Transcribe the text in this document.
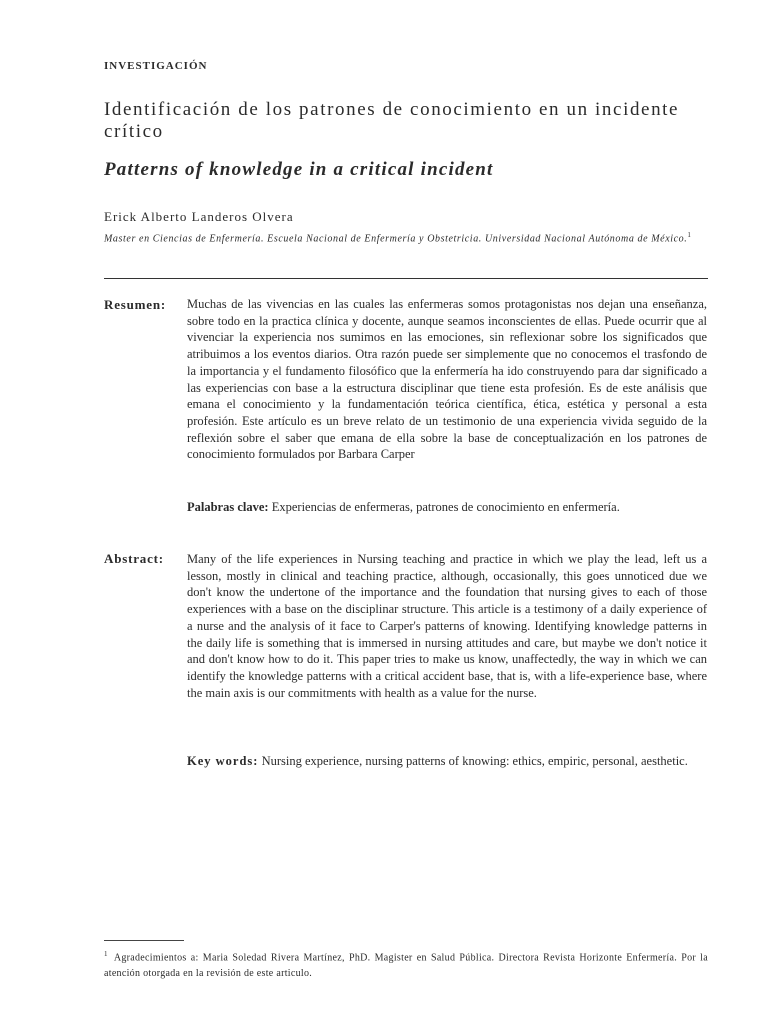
INVESTIGACIÓN
Identificación de los patrones de conocimiento en un incidente crítico
Patterns of knowledge in a critical incident
Erick Alberto Landeros Olvera
Master en Ciencias de Enfermería. Escuela Nacional de Enfermería y Obstetricia. Universidad Nacional Autónoma de México.$^1$
Resumen: Muchas de las vivencias en las cuales las enfermeras somos protagonistas nos dejan una enseñanza, sobre todo en la practica clínica y docente, aunque seamos inconscientes de ellas. Puede ocurrir que al vivenciar la experiencia nos sumimos en las emociones, sin reflexionar sobre los significados que atribuimos a los eventos diarios. Otra razón puede ser simplemente que no conocemos el trasfondo de la importancia y el fundamento filosófico que la enfermería ha ido construyendo para dar significado a las experiencias con base a la estructura disciplinar que tiene esta profesión. Es de este análisis que emana el conocimiento y la fundamentación teórica científica, ética, estética y personal a esta profesión. Este artículo es un breve relato de un testimonio de una experiencia vivida seguido de la reflexión sobre el saber que emana de ella sobre la base de conceptualización en los patrones de conocimiento formulados por Barbara Carper

Palabras clave: Experiencias de enfermeras, patrones de conocimiento en enfermería.

Abstract: Many of the life experiences in Nursing teaching and practice in which we play the lead, left us a lesson, mostly in clinical and teaching practice, although, occasionally, this goes unnoticed due we don't know the undertone of the importance and the foundation that nursing gives to each of those experiences with a base on the disciplinar structure. This article is a testimony of a daily experience of a nurse and the analysis of it face to Carper's patterns of knowing. Identifying knowledge patterns in the daily life is something that is immersed in nursing attitudes and care, but maybe we don't notice it and don't know how to do it. This paper tries to make us know, unaffectedly, the way in which we can identify the knowledge patterns with a critical accident base, that is, with a life-experience base, where the main axis is our commitments with health as a value for the nurse.

Key words: Nursing experience, nursing patterns of knowing: ethics, empiric, personal, aesthetic.

$^1$ Agradecimientos a: Maria Soledad Rivera Martínez, PhD. Magister en Salud Pública. Directora Revista Horizonte Enfermería. Por la atención otorgada en la revisión de este articulo.
